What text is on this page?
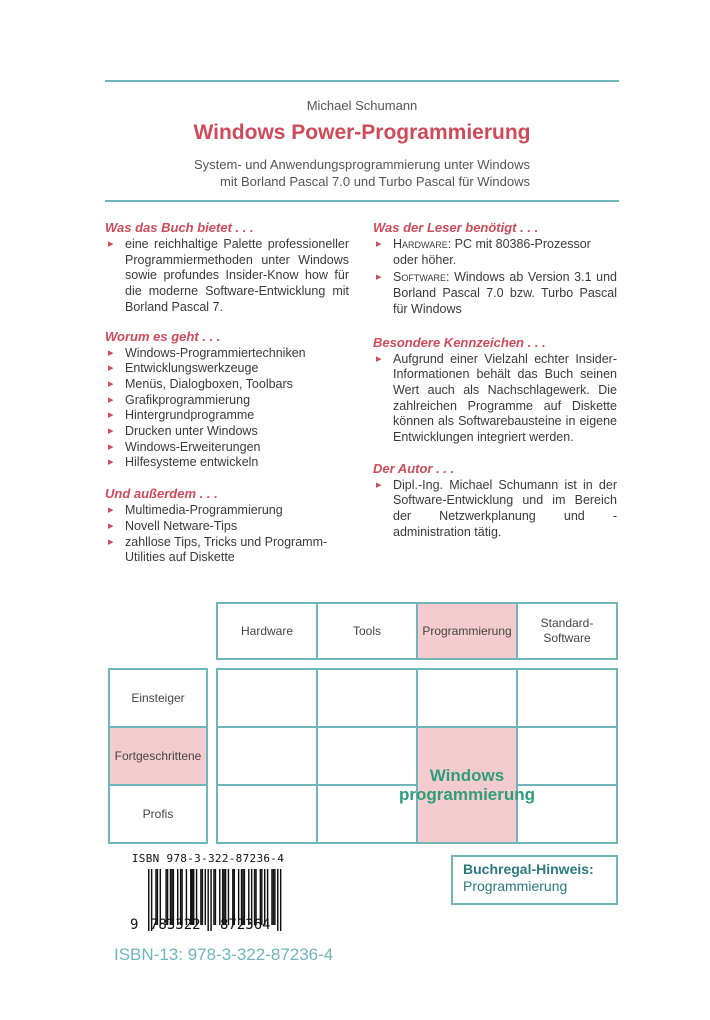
Michael Schumann
Windows Power-Programmierung
System- und Anwendungsprogrammierung unter Windows
mit Borland Pascal 7.0 und Turbo Pascal für Windows
Was das Buch bietet . . .
▸ eine reichhaltige Palette professioneller Programmiermethoden unter Windows sowie profundes Insider-Know how für die moderne Software-Entwicklung mit Borland Pascal 7.
Worum es geht . . .
▸ Windows-Programmiertechniken
▸ Entwicklungswerkzeuge
▸ Menüs, Dialogboxen, Toolbars
▸ Grafikprogrammierung
▸ Hintergrundprogramme
▸ Drucken unter Windows
▸ Windows-Erweiterungen
▸ Hilfesysteme entwickeln
Und außerdem . . .
▸ Multimedia-Programmierung
▸ Novell Netware-Tips
▸ zahllose Tips, Tricks und Programm-Utilities auf Diskette
Was der Leser benötigt . . .
▸ Hardware: PC mit 80386-Prozessor oder höher.
▸ Software: Windows ab Version 3.1 und Borland Pascal 7.0 bzw. Turbo Pascal für Windows
Besondere Kennzeichen . . .
▸ Aufgrund einer Vielzahl echter Insider-Informationen behält das Buch seinen Wert auch als Nachschlagewerk. Die zahlreichen Programme auf Diskette können als Softwarebausteine in eigene Entwicklungen integriert werden.
Der Autor . . .
▸ Dipl.-Ing. Michael Schumann ist in der Software-Entwicklung und im Bereich der Netzwerkplanung und -administration tätig.
Hardware	Tools	Programmierung
Standard-Software
Einsteiger
Fortgeschrittene
Profis
Windows programmierung
ISBN 978-3-322-87236-4
9 783322 872364
ISBN-13: 978-3-322-87236-4
Buchregal-Hinweis:
Programmierung
